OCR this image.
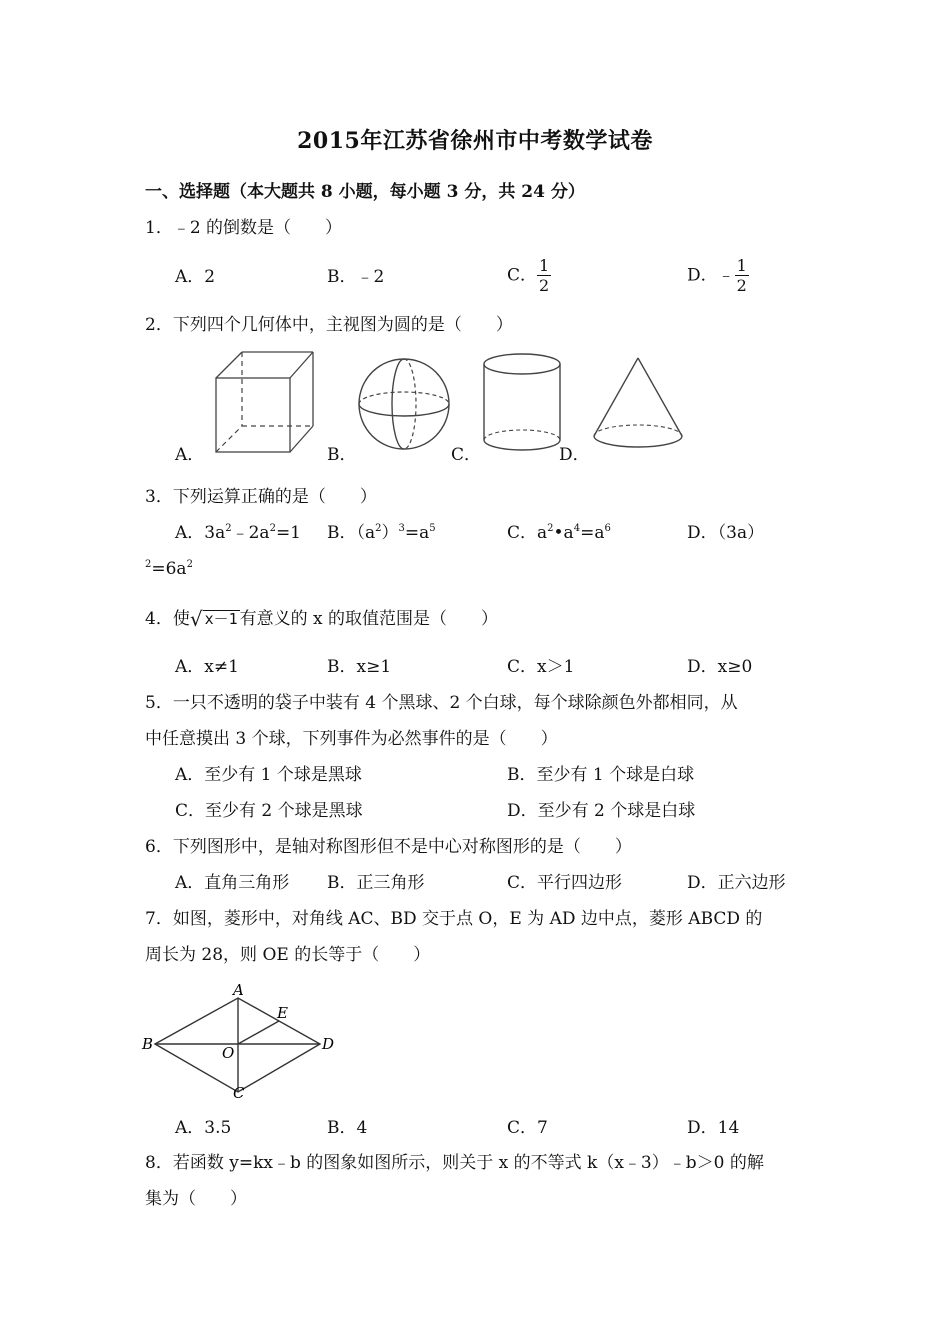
2015年江苏省徐州市中考数学试卷
一、选择题（本大题共 8 小题，每小题 3 分，共 24 分）
1．﹣2 的倒数是（　　）
A．2	B．﹣2	C． $\frac{1}{2}$	D．﹣ $\frac{1}{2}$
2．下列四个几何体中，主视图为圆的是（　　）
A．	B．	C．	D．
3．下列运算正确的是（　　）
A．$3a^2﹣2a^2=1$ B．$(a^2)^3=a^5$	C．$a^2•a^4=a^6$	D．（3a）
$^2=6a^2$
4．使√ x－1 有意义的 x 的取值范围是（　　）
A．x≠1	B．x≥1	C．x＞1	D．x≥0
5．一只不透明的袋子中装有 4 个黑球、2 个白球，每个球除颜色外都相同，从
中任意摸出 3 个球，下列事件为必然事件的是（　　）
A．至少有 1 个球是黑球	B．至少有 1 个球是白球
C．至少有 2 个球是黑球	D．至少有 2 个球是白球
6．下列图形中，是轴对称图形但不是中心对称图形的是（　　）
A．直角三角形 B．正三角形	C．平行四边形	D．正六边形
7．如图，菱形中，对角线 AC、BD 交于点 O，E 为 AD 边中点，菱形 ABCD 的
周长为 28，则 OE 的长等于（　　）
A
B
C
D
E
O
A．3.5	B．4	C．7	D．14
8．若函数 y=kx﹣b 的图象如图所示，则关于 x 的不等式 k（x﹣3）﹣b＞0 的解
集为（　　）
